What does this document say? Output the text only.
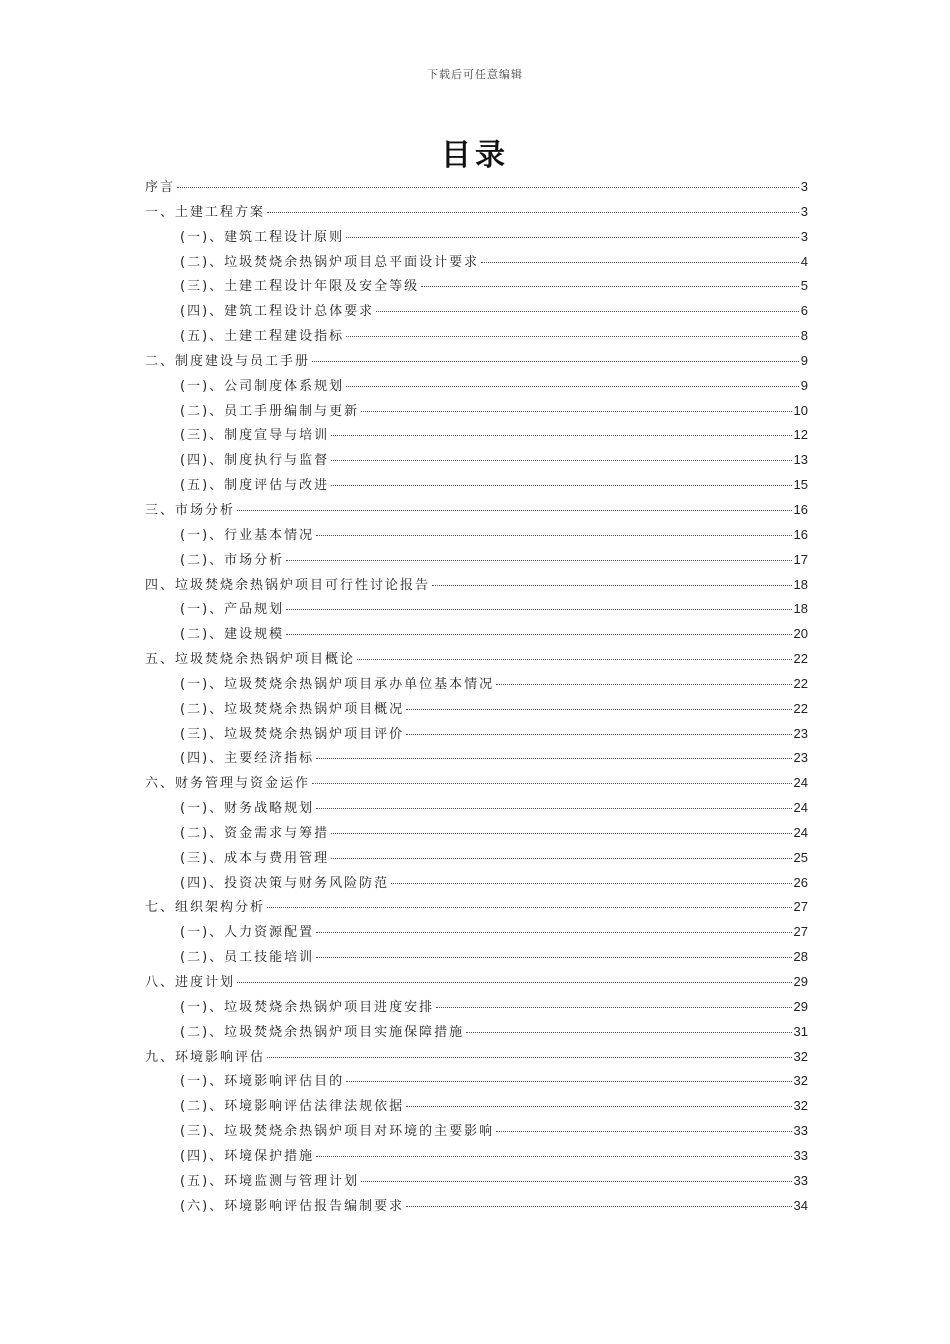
下载后可任意编辑
目录
序言	3
一、土建工程方案	3
(一)、建筑工程设计原则	3
(二)、垃圾焚烧余热锅炉项目总平面设计要求	4
(三)、土建工程设计年限及安全等级	5
(四)、建筑工程设计总体要求	6
(五)、土建工程建设指标	8
二、制度建设与员工手册	9
(一)、公司制度体系规划	9
(二)、员工手册编制与更新	10
(三)、制度宣导与培训	12
(四)、制度执行与监督	13
(五)、制度评估与改进	15
三、市场分析	16
(一)、行业基本情况	16
(二)、市场分析	17
四、垃圾焚烧余热锅炉项目可行性讨论报告	18
(一)、产品规划	18
(二)、建设规模	20
五、垃圾焚烧余热锅炉项目概论	22
(一)、垃圾焚烧余热锅炉项目承办单位基本情况	22
(二)、垃圾焚烧余热锅炉项目概况	22
(三)、垃圾焚烧余热锅炉项目评价	23
(四)、主要经济指标	23
六、财务管理与资金运作	24
(一)、财务战略规划	24
(二)、资金需求与筹措	24
(三)、成本与费用管理	25
(四)、投资决策与财务风险防范	26
七、组织架构分析	27
(一)、人力资源配置	27
(二)、员工技能培训	28
八、进度计划	29
(一)、垃圾焚烧余热锅炉项目进度安排	29
(二)、垃圾焚烧余热锅炉项目实施保障措施	31
九、环境影响评估	32
(一)、环境影响评估目的	32
(二)、环境影响评估法律法规依据	32
(三)、垃圾焚烧余热锅炉项目对环境的主要影响	33
(四)、环境保护措施	33
(五)、环境监测与管理计划	33
(六)、环境影响评估报告编制要求	34
